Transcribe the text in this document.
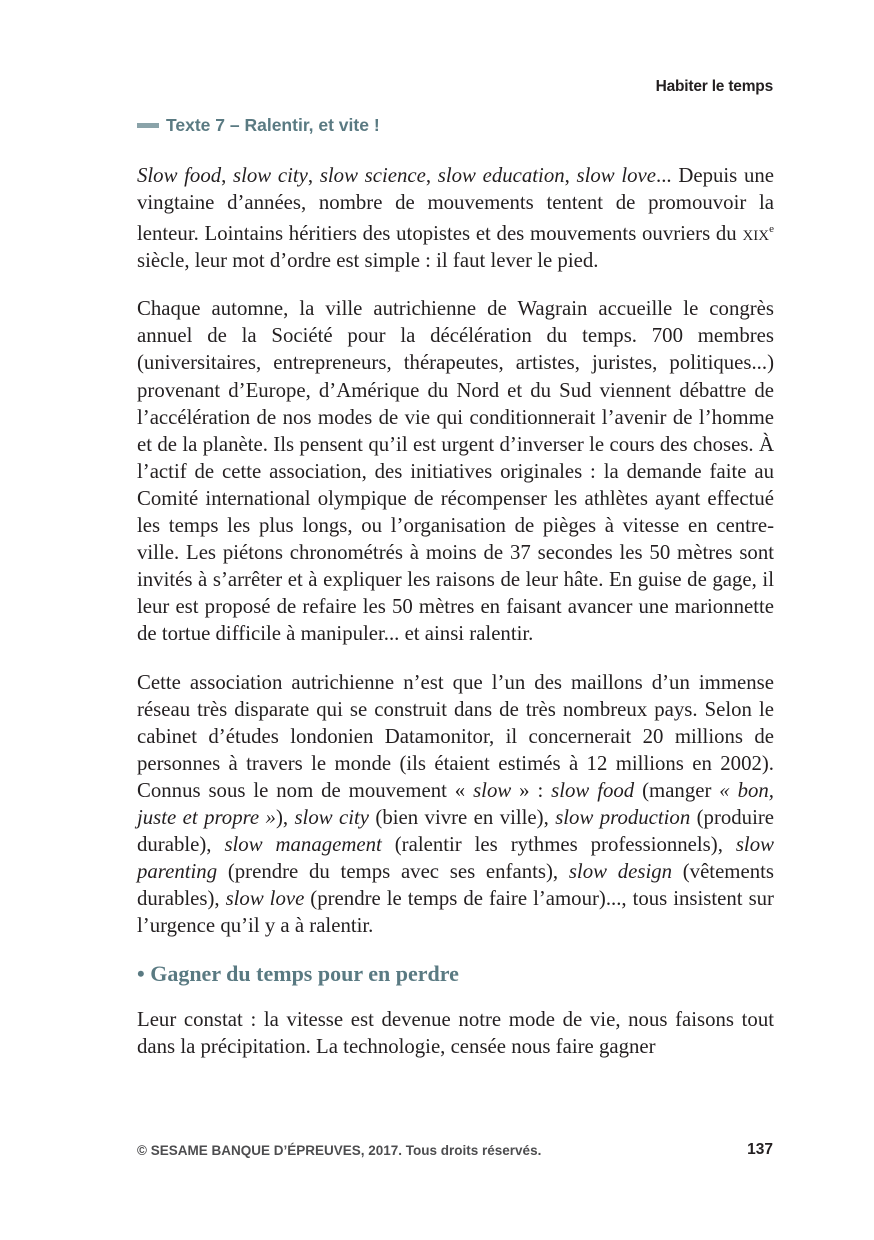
Habiter le temps
Texte 7 – Ralentir, et vite !

Slow food, slow city, slow science, slow education, slow love... Depuis une vingtaine d’années, nombre de mouvements tentent de promouvoir la lenteur. Lointains héritiers des utopistes et des mouvements ouvriers du xix$^e$ siècle, leur mot d’ordre est simple : il faut lever le pied.

Chaque automne, la ville autrichienne de Wagrain accueille le congrès annuel de la Société pour la décélération du temps. 700 membres (universitaires, entrepreneurs, thérapeutes, artistes, juristes, politiques...) provenant d’Europe, d’Amérique du Nord et du Sud viennent débattre de l’accélération de nos modes de vie qui conditionnerait l’avenir de l’homme et de la planète. Ils pensent qu’il est urgent d’inverser le cours des choses. À l’actif de cette association, des initiatives originales : la demande faite au Comité international olympique de récompenser les athlètes ayant effectué les temps les plus longs, ou l’organisation de pièges à vitesse en centre-ville. Les piétons chronométrés à moins de 37 secondes les 50 mètres sont invités à s’arrêter et à expliquer les raisons de leur hâte. En guise de gage, il leur est proposé de refaire les 50 mètres en faisant avancer une marionnette de tortue difficile à manipuler... et ainsi ralentir.

Cette association autrichienne n’est que l’un des maillons d’un immense réseau très disparate qui se construit dans de très nombreux pays. Selon le cabinet d’études londonien Datamonitor, il concernerait 20 millions de personnes à travers le monde (ils étaient estimés à 12 millions en 2002). Connus sous le nom de mouvement « slow » : slow food (manger « bon, juste et propre »), slow city (bien vivre en ville), slow production (produire durable), slow management (ralentir les rythmes professionnels), slow parenting (prendre du temps avec ses enfants), slow design (vêtements durables), slow love (prendre le temps de faire l’amour)..., tous insistent sur l’urgence qu’il y a à ralentir.

• Gagner du temps pour en perdre

Leur constat : la vitesse est devenue notre mode de vie, nous faisons tout dans la précipitation. La technologie, censée nous faire gagner

© SESAME BANQUE D’ÉPREUVES, 2017. Tous droits réservés.	137
